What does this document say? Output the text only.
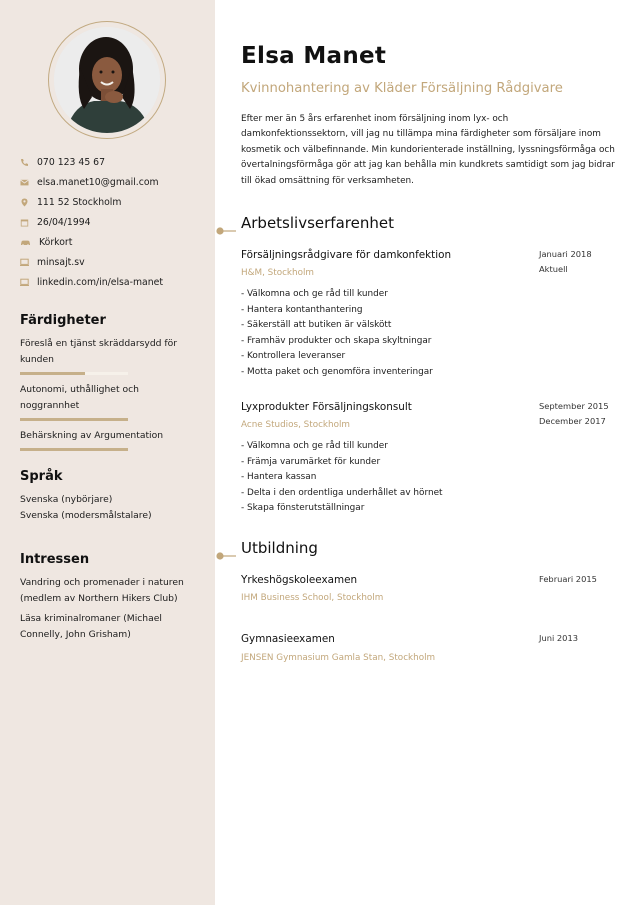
070 123 45 67
elsa.manet10@gmail.com
111 52 Stockholm
26/04/1994
Körkort
minsajt.sv
linkedin.com/in/elsa-manet
Färdigheter
Föreslå en tjänst skräddarsydd för kunden
Autonomi, uthållighet och noggrannhet
Behärskning av Argumentation
Språk
Svenska (nybörjare)
Svenska (modersmålstalare)
Intressen
Vandring och promenader i naturen (medlem av Northern Hikers Club)
Läsa kriminalromaner (Michael Connelly, John Grisham)
Elsa Manet
Kvinnohantering av Kläder Försäljning Rådgivare
Efter mer än 5 års erfarenhet inom försäljning inom lyx- och damkonfektionssektorn, vill jag nu tillämpa mina färdigheter som försäljare inom kosmetik och välbefinnande. Min kundorienterade inställning, lyssningsförmåga och övertalningsförmåga gör att jag kan behålla min kundkrets samtidigt som jag bidrar till ökad omsättning för verksamheten.
Arbetslivserfarenhet
Försäljningsrådgivare för damkonfektion
H&M, Stockholm
Januari 2018
Aktuell
- Välkomna och ge råd till kunder
- Hantera kontanthantering
- Säkerställ att butiken är välskött
- Framhäv produkter och skapa skyltningar
- Kontrollera leveranser
- Motta paket och genomföra inventeringar
Lyxprodukter Försäljningskonsult
Acne Studios, Stockholm
September 2015
December 2017
- Välkomna och ge råd till kunder
- Främja varumärket för kunder
- Hantera kassan
- Delta i den ordentliga underhållet av hörnet
- Skapa fönsterutställningar
Utbildning
Yrkeshögskoleexamen
IHM Business School, Stockholm
Februari 2015
Gymnasieexamen
JENSEN Gymnasium Gamla Stan, Stockholm
Juni 2013
